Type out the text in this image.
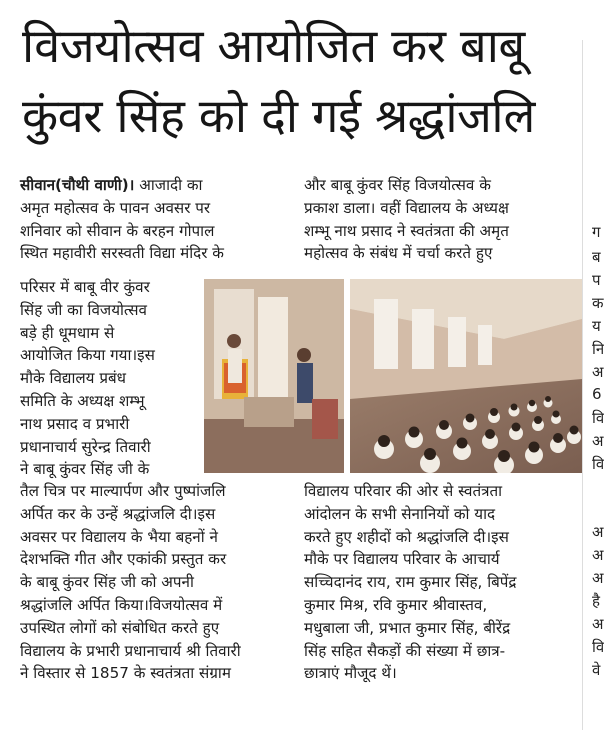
विजयोत्सव आयोजित कर बाबू
कुंवर सिंह को दी गई श्रद्धांजलि

सीवान(चौथी वाणी)। आजादी का

अमृत महोत्सव के पावन अवसर पर

शनिवार को सीवान के बरहन गोपाल

स्थित महावीरी सरस्वती विद्या मंदिर के

परिसर में बाबू वीर कुंवर

सिंह जी का विजयोत्सव

बड़े ही धूमधाम से

आयोजित किया गया।इस

मौके विद्यालय प्रबंध

समिति के अध्यक्ष शम्भू

नाथ प्रसाद व प्रभारी

प्रधानाचार्य सुरेन्द्र तिवारी

ने बाबू कुंवर सिंह जी के

तैल चित्र पर माल्यार्पण और पुष्पांजलि

अर्पित कर के उन्हें श्रद्धांजलि दी।इस

अवसर पर विद्यालय के भैया बहनों ने

देशभक्ति गीत और एकांकी प्रस्तुत कर

के बाबू कुंवर सिंह जी को अपनी

श्रद्धांजलि अर्पित किया।विजयोत्सव में

उपस्थित लोगों को संबोधित करते हुए

विद्यालय के प्रभारी प्रधानाचार्य श्री तिवारी

ने विस्तार से 1857 के स्वतंत्रता संग्राम

और बाबू कुंवर सिंह विजयोत्सव के

प्रकाश डाला। वहीं विद्यालय के अध्यक्ष

शम्भू नाथ प्रसाद ने स्वतंत्रता की अमृत

महोत्सव के संबंध में चर्चा करते हुए

विद्यालय परिवार की ओर से स्वतंत्रता

आंदोलन के सभी सेनानियों को याद

करते हुए शहीदों को श्रद्धांजलि दी।इस

मौके पर विद्यालय परिवार के आचार्य

सच्चिदानंद राय, राम कुमार सिंह, बिपेंद्र

कुमार मिश्र, रवि कुमार श्रीवास्तव,

मधुबाला जी, प्रभात कुमार सिंह, बीरेंद्र

सिंह सहित सैकड़ों की संख्या में छात्र-

छात्राएं मौजूद थें।

ग
ब
प
क
य
नि
अ
6
वि
अ
वि
अ
अ
अ
है
अ
वि
वे
